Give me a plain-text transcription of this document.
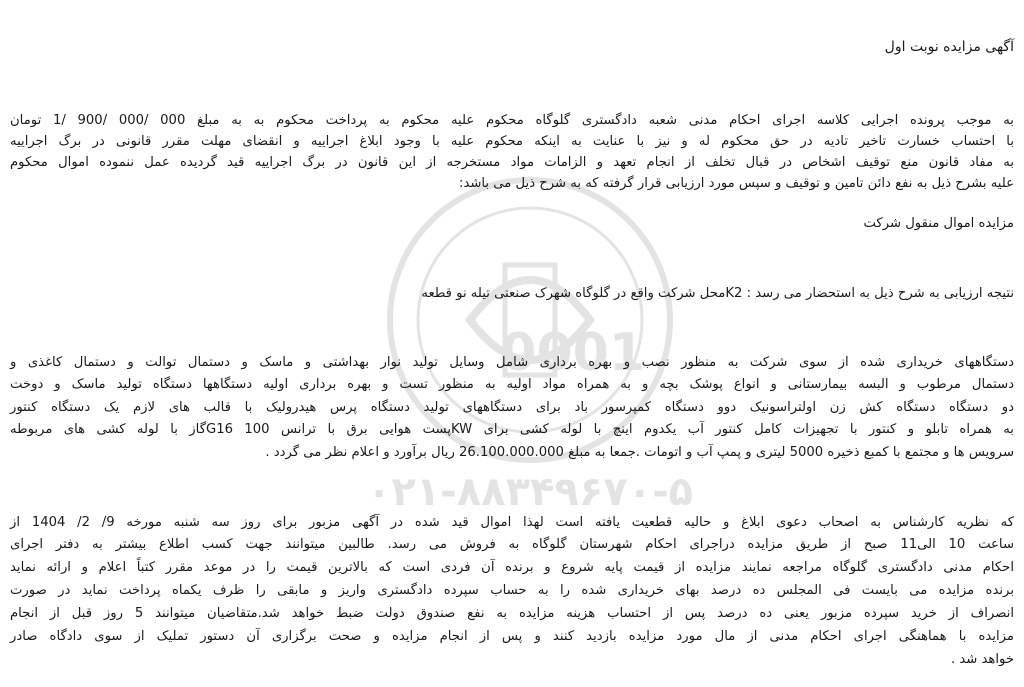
0001
۰۲۱-۸۸۳۴۹۶۷۰-۵
آگهی مزایده نوبت اول
به موجب پرونده اجرایی کلاسه اجرای احکام مدنی شعبه دادگستری گلوگاه محکوم علیه محکوم به پرداخت محکوم به به مبلغ 000 /000 /900 /1 تومان
با احتساب خسارت تاخیر تادیه در حق محکوم له و نیز با عنایت به اینکه محکوم علیه با وجود ابلاغ اجراییه و انقضای مهلت مقرر قانونی در برگ اجراییه
به مفاد قانون منع توقیف اشخاص در قبال تخلف از انجام تعهد و الزامات مواد مستخرجه از این قانون در برگ اجراییه قید گردیده عمل ننموده اموال محکوم
علیه بشرح ذیل به نفع دائن تامین و توقیف و سپس مورد ارزیابی قرار گرفته که به شرح ذیل می باشد:
مزایده اموال منقول شرکت
نتیجه ارزیابی به شرح ذیل به استحضار می رسد : K2محل شرکت واقع در گلوگاه شهرک صنعتی تیله نو قطعه
دستگاههای خریداری شده از سوی شرکت به منظور نصب و بهره برداری شامل وسایل تولید نوار بهداشتی و ماسک و دستمال توالت و دستمال کاغذی و
دستمال مرطوب و البسه بیمارستانی و انواع پوشک بچه و به همراه مواد اولیه به منظور تست و بهره برداری اولیه دستگاهها دستگاه تولید ماسک و دوخت
دو دستگاه دستگاه کش زن اولتراسونیک دوو دستگاه کمپرسور باد برای دستگاههای تولید دستگاه پرس هیدرولیک با قالب های لازم یک دستگاه کنتور
به همراه تابلو و کنتور با تجهیزات کامل کنتور آب یکدوم اینچ با لوله کشی برای KWپست هوایی برق با ترانس 100 G16گاز با لوله کشی های مربوطه
سرویس ها و مجتمع با کمبع ذخیره 5000 لیتری و پمپ آب و اتومات .جمعا به مبلغ 26.100.000.000 ریال برآورد و اعلام نظر می گردد .
که نظریه کارشناس به اصحاب دعوی ابلاغ و حالیه قطعیت یافته است لهذا اموال قید شده در آگهی مزبور برای روز سه شنبه مورخه 9/ 2/ 1404 از
ساعت 10 الی11 صبح از طریق مزایده دراجرای احکام شهرستان گلوگاه به فروش می رسد. طالبین میتوانند جهت کسب اطلاع بیشتر به دفتر اجرای
احکام مدنی دادگستری گلوگاه مراجعه نمایند مزایده از قیمت پایه شروع و برنده آن فردی است که بالاترین قیمت را در موعد مقرر کتباً اعلام و ارائه نماید
برنده مزایده می بایست فی المجلس ده درصد بهای خریداری شده را به حساب سپرده دادگستری واریز و مابقی را ظرف یکماه پرداخت نماید در صورت
انصراف از خرید سپرده مزبور یعنی ده درصد پس از احتساب هزینه مزایده به نفع صندوق دولت ضبط خواهد شد.متقاضیان میتوانند 5 روز قبل از انجام
مزایده با هماهنگی اجرای احکام مدنی از مال مورد مزایده بازدید کنند و پس از انجام مزایده و صحت برگزاری آن دستور تملیک از سوی دادگاه صادر
خواهد شد .
